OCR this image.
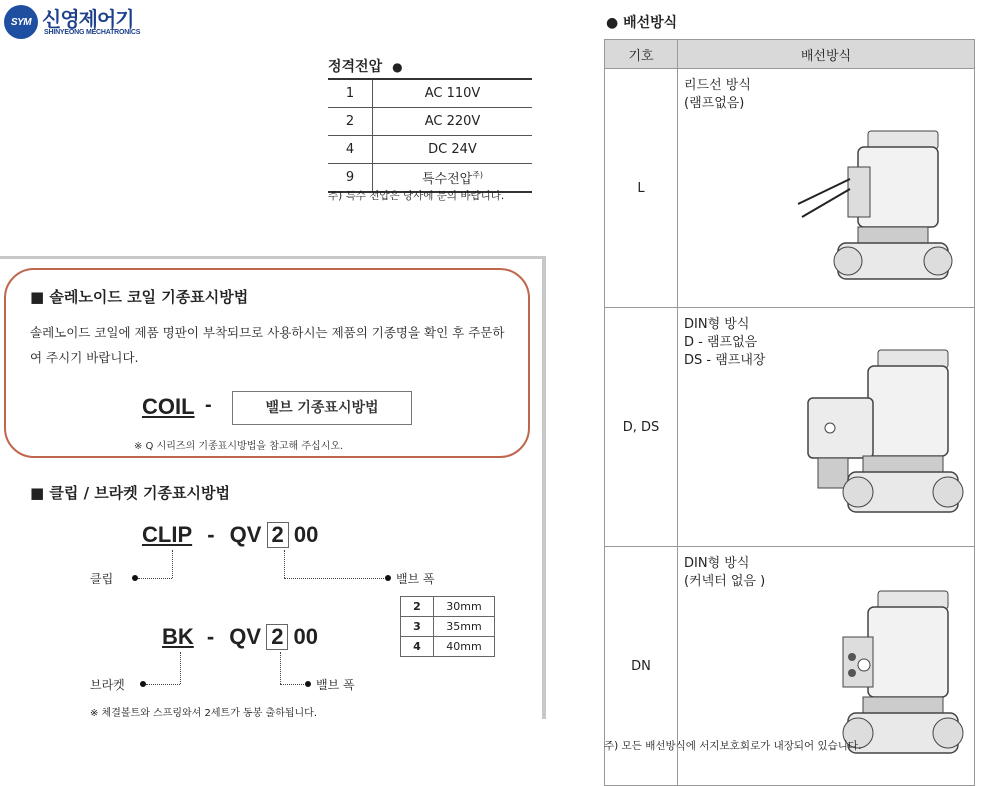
SYM 신영제어기
SHINYEONG MECHATRONICS
정격전압 ●
1	AC 110V
2	AC 220V
4	DC 24V
9	특수전압$^{주)}$
주) 특수 전압은 당사에 문의 바랍니다.
■ 솔레노이드 코일 기종표시방법
솔레노이드 코일에 제품 명판이 부착되므로 사용하시는 제품의 기종명을 확인 후 주문하여 주시기 바랍니다.
COIL -	밸브 기종표시방법
※ Q 시리즈의 기종표시방법을 참고해 주십시오.
■ 클립 / 브라켓 기종표시방법
CLIP - QV 2 00
클립	밸브 폭
2	30mm
3	35mm
4	40mm
BK - QV 2 00
브라켓	밸브 폭
※ 체결볼트와 스프링와셔 2세트가 동봉 출하됩니다.
● 배선방식
기호	배선방식
L	리드선 방식
(램프없음)

D, DS	DIN형 방식
D - 램프없음
DS - 램프내장

DN	DIN형 방식
(커넥터 없음 )
주) 모든 배선방식에 서지보호회로가 내장되어 있습니다.
